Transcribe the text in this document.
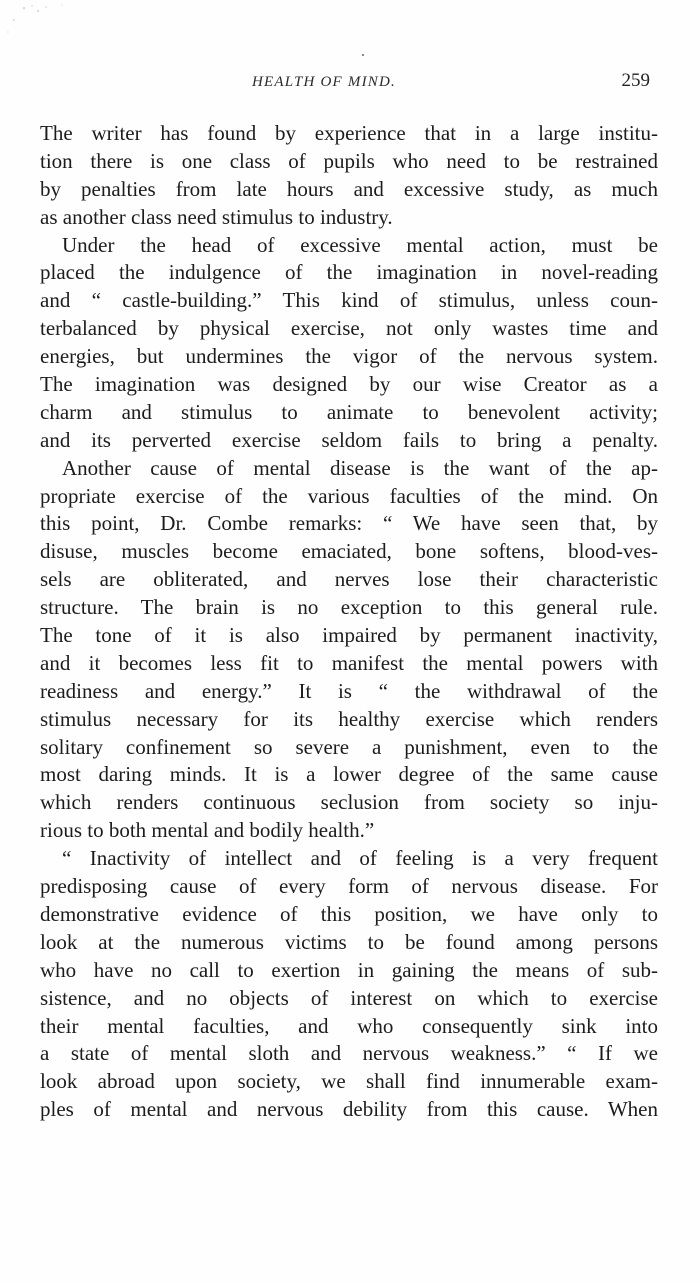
HEALTH OF MIND.	259
The writer has found by experience that in a large institu-
tion there is one class of pupils who need to be restrained
by penalties from late hours and excessive study, as much
as another class need stimulus to industry.
Under the head of excessive mental action, must be
placed the indulgence of the imagination in novel-reading
and “ castle-building.” This kind of stimulus, unless coun-
terbalanced by physical exercise, not only wastes time and
energies, but undermines the vigor of the nervous system.
The imagination was designed by our wise Creator as a
charm and stimulus to animate to benevolent activity;
and its perverted exercise seldom fails to bring a penalty.
Another cause of mental disease is the want of the ap-
propriate exercise of the various faculties of the mind. On
this point, Dr. Combe remarks: “ We have seen that, by
disuse, muscles become emaciated, bone softens, blood-ves-
sels are obliterated, and nerves lose their characteristic
structure. The brain is no exception to this general rule.
The tone of it is also impaired by permanent inactivity,
and it becomes less fit to manifest the mental powers with
readiness and energy.” It is “ the withdrawal of the
stimulus necessary for its healthy exercise which renders
solitary confinement so severe a punishment, even to the
most daring minds. It is a lower degree of the same cause
which renders continuous seclusion from society so inju-
rious to both mental and bodily health.”
“ Inactivity of intellect and of feeling is a very frequent
predisposing cause of every form of nervous disease. For
demonstrative evidence of this position, we have only to
look at the numerous victims to be found among persons
who have no call to exertion in gaining the means of sub-
sistence, and no objects of interest on which to exercise
their mental faculties, and who consequently sink into
a state of mental sloth and nervous weakness.” “ If we
look abroad upon society, we shall find innumerable exam-
ples of mental and nervous debility from this cause. When
